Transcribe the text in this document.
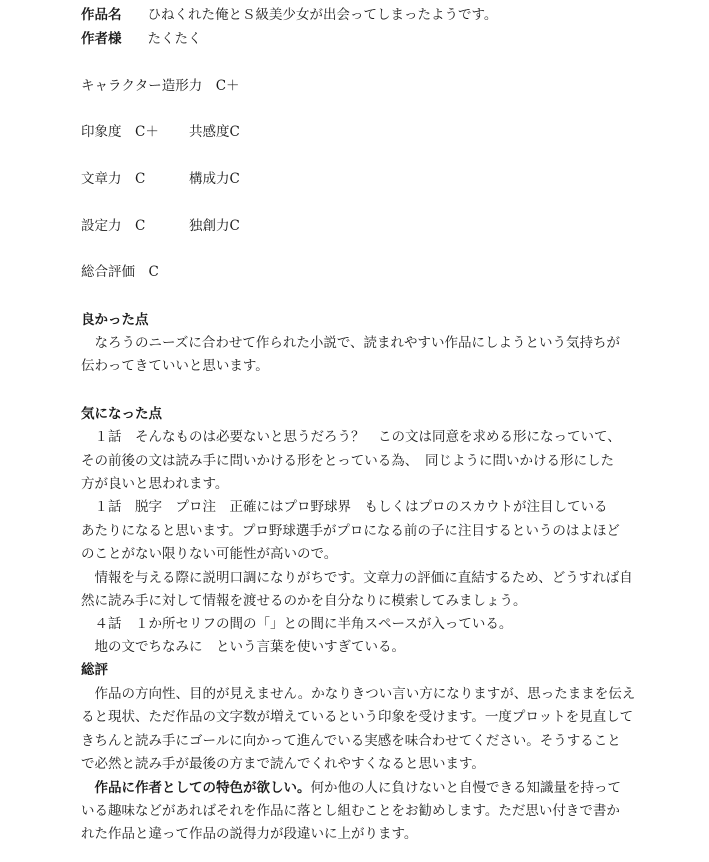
作品名 ひねくれた俺とＳ級美少女が出会ってしまったようです。
作者様 たくたく
キャラクター造形力　C＋
印象度　C＋ 共感度C
文章力　C	構成力C
設定力　C	独創力C
総合評価　C
良かった点
　なろうのニーズに合わせて作られた小説で、読まれやすい作品にしようという気持ちが
伝わってきていいと思います。
気になった点
　１話　そんなものは必要ないと思うだろう？　この文は同意を求める形になっていて、
その前後の文は読み手に問いかける形をとっている為、　同じように問いかける形にした
方が良いと思われます。
　１話　脱字　プロ注　正確にはプロ野球界　もしくはプロのスカウトが注目している
あたりになると思います。プロ野球選手がプロになる前の子に注目するというのはよほど
のことがない限りない可能性が高いので。
　情報を与える際に説明口調になりがちです。文章力の評価に直結するため、どうすれば自
然に読み手に対して情報を渡せるのかを自分なりに模索してみましょう。
　４話　１か所セリフの間の「」との間に半角スペースが入っている。
　地の文でちなみに　という言葉を使いすぎている。
総評
　作品の方向性、目的が見えません。かなりきつい言い方になりますが、思ったままを伝え
ると現状、ただ作品の文字数が増えているという印象を受けます。一度プロットを見直して
きちんと読み手にゴールに向かって進んでいる実感を味合わせてください。そうすること
で必然と読み手が最後の方まで読んでくれやすくなると思います。
　作品に作者としての特色が欲しい。何か他の人に負けないと自慢できる知識量を持って
いる趣味などがあればそれを作品に落とし組むことをお勧めします。ただ思い付きで書か
れた作品と違って作品の説得力が段違いに上がります。
